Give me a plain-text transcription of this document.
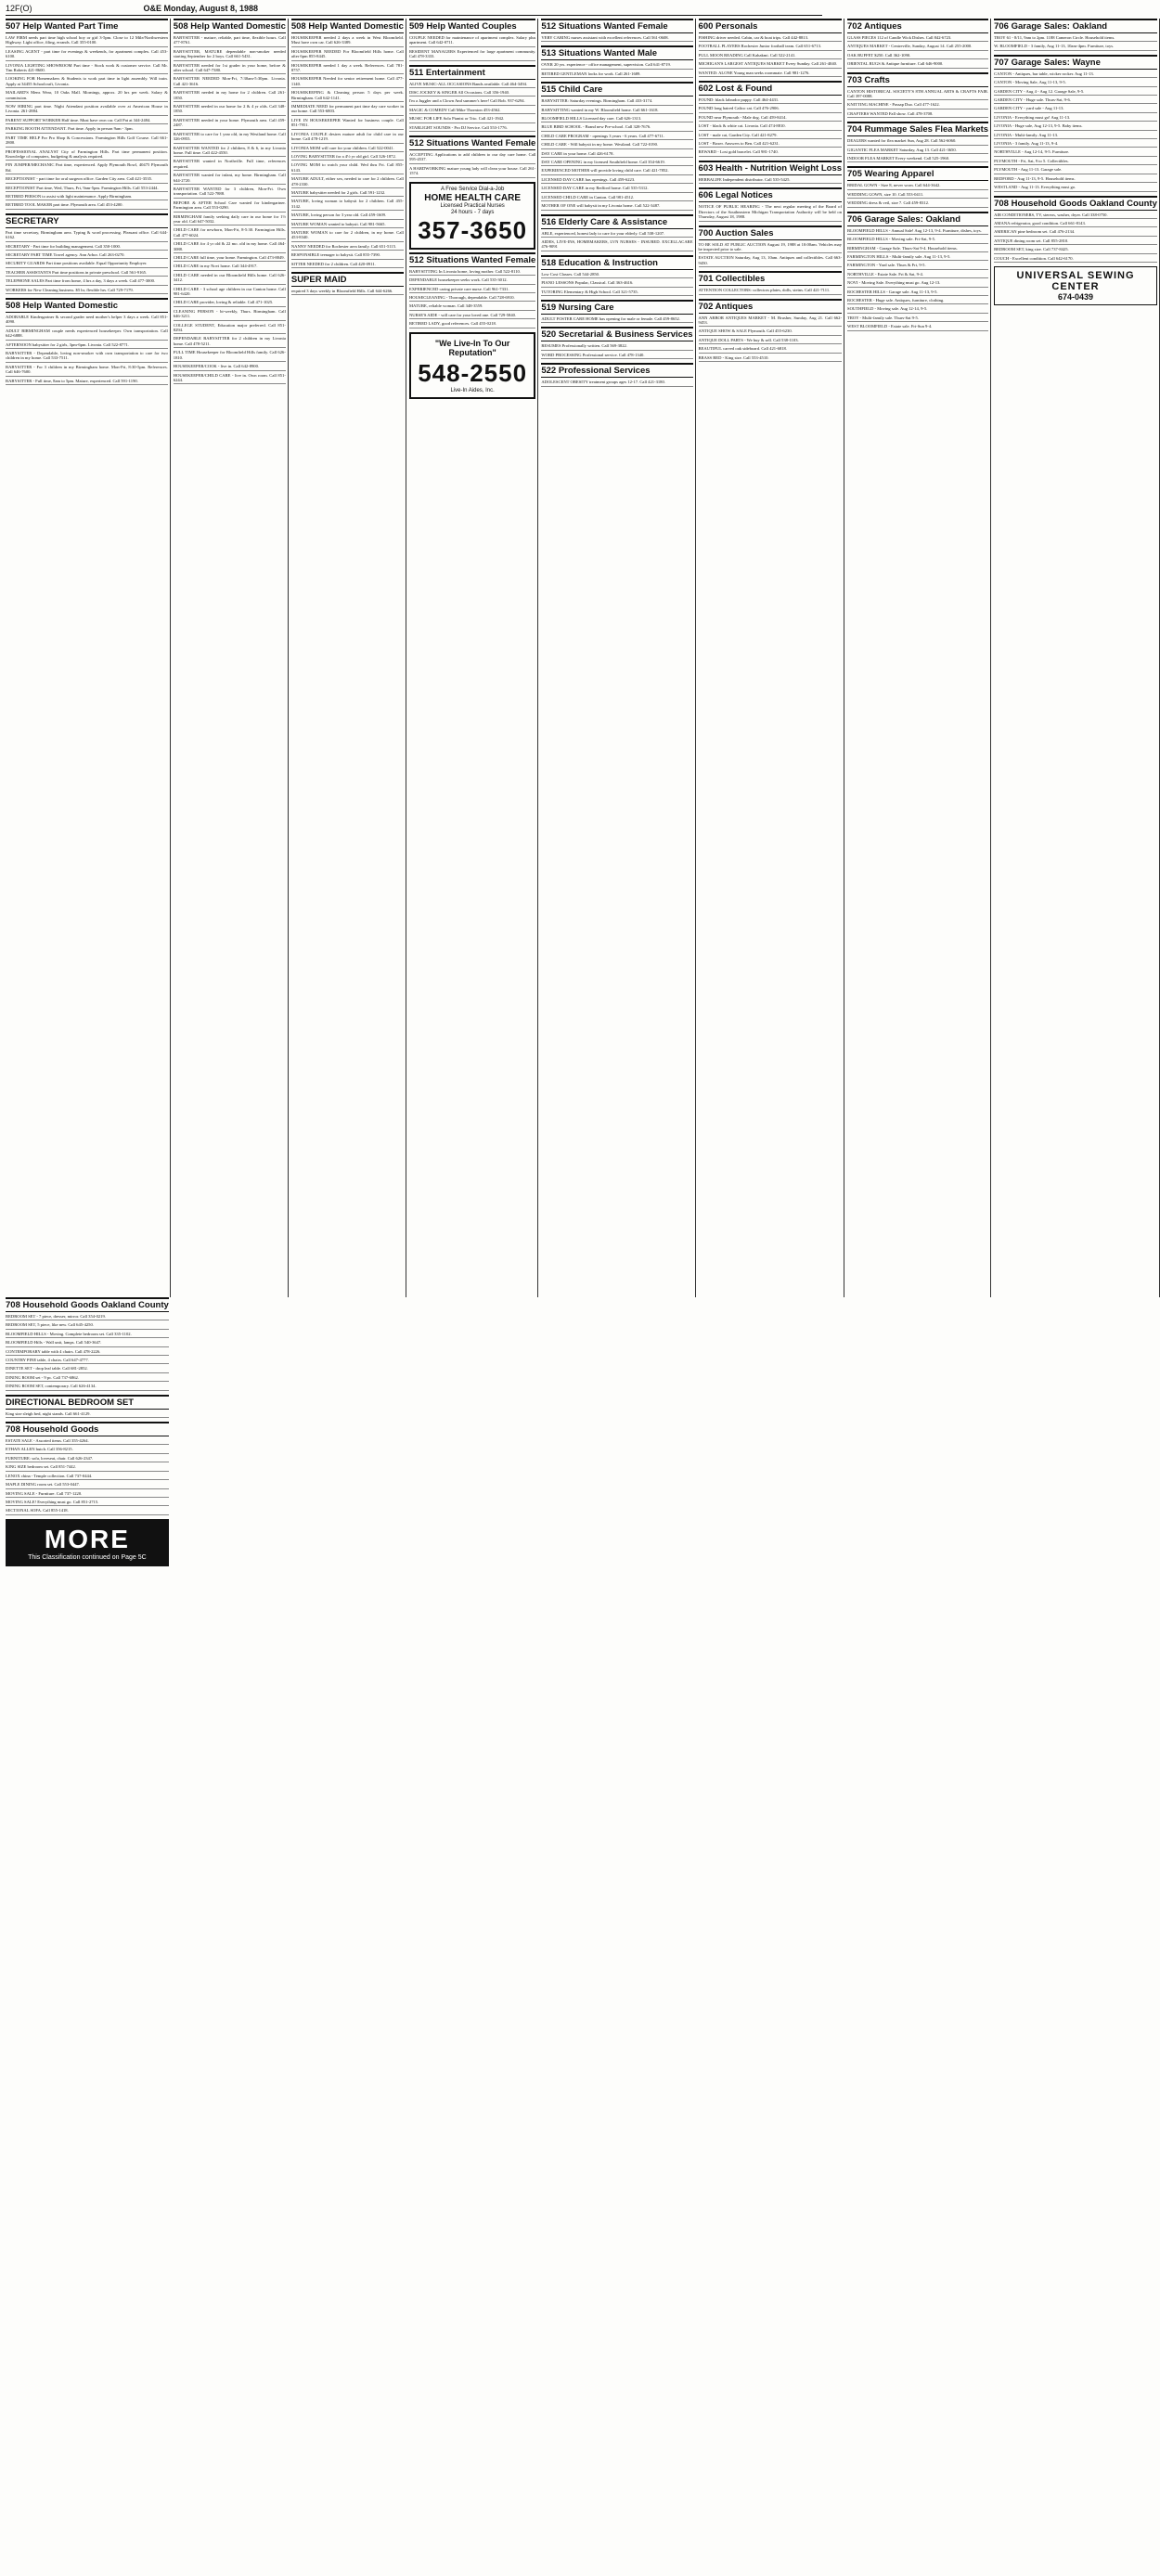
12F(O)	O&E Monday, August 8, 1988
507 Help Wanted Part Time

LAW FIRM needs part time high school boy or girl 3-5pm. Close to 12 Mile/Northwestern Highway. Light office, filing, errands. Call 355-0100.

LEASING AGENT - part time for evenings & weekends, for apartment complex. Call 453-6100.

LIVONIA LIGHTING SHOWROOM Part time - Stock work & customer service. Call Mr. Tim Roberts 421-8600.

LOOKING FOR Homemakers & Students to work part time in light assembly. Will train. Apply at 34455 Schoolcraft, Livonia.

MAILARD'S Mens Wear, 10 Oaks Mall. Mornings, approx. 20 hrs per week. Salary & commission.

NOW HIRING part time. Night Attendant position available over at American House in Livonia. 261-2884.

PARENT SUPPORT WORKER Half time. Must have own car. Call Pat at 344-2484.

PARKING BOOTH ATTENDANT. Part time. Apply in person 9am - 3pm.

PART TIME HELP For Pro Shop & Concessions. Farmington Hills Golf Course. Call 661-2800.

PROFESSIONAL ANALYST City of Farmington Hills. Part time permanent position. Knowledge of computers, budgeting & analysis required.

PIN JUMPER/MECHANIC Part time, experienced. Apply Plymouth Bowl, 40475 Plymouth Rd.

RECEPTIONIST - part time for oral surgeon office. Garden City area. Call 421-3535.

RECEPTIONIST Part time, Wed, Thurs, Fri, 9am-5pm. Farmington Hills. Call 553-2444.

RETIRED PERSON to assist with light maintenance. Apply Birmingham.

RETIRED TOOL MAKER part time. Plymouth area. Call 453-4200.

SECRETARY

Part time secretary, Birmingham area. Typing & word processing. Pleasant office. Call 644-6162.

SECRETARY - Part time for building management. Call 350-1000.

SECRETARY PART TIME Travel agency. Ann Arbor. Call 263-0270.

SECURITY GUARDS Part time positions available. Equal Opportunity Employer.

TEACHER ASSISTANTS Part time positions in private preschool. Call 561-9165.

TELEPHONE SALES Part time from home, 4 hrs a day, 3 days a week. Call 477-3000.

WORKERS for New Cleaning business. $5 hr, flexible hrs. Call 729-7179.

508 Help Wanted Domestic

ADORABLE Kindergartner & second grader need mother's helper 3 days a week. Call 851-4090.

ADULT BIRMINGHAM couple needs experienced housekeeper. Own transportation. Call 642-6888.

AFTERNOON babysitter for 2 girls, 3pm-6pm. Livonia. Call 522-8771.

BABYSITTER - Dependable, loving non-smoker with own transportation to care for two children in my home. Call 533-7511.

BABYSITTER - For 3 children in my Birmingham home. Mon-Fri, 8:30-5pm. References. Call 646-7600.

BABYSITTER - Full time, 8am to 5pm. Mature, experienced. Call 591-1190.

508 Help Wanted Domestic

BABYSITTER - mature, reliable, part time, flexible hours. Call 477-8761.

BABYSITTER, MATURE dependable non-smoker needed starting September for 2 boys. Call 661-5431.

BABYSITTER needed for 1st grader in your home, before & after school. Call 647-7380.

BABYSITTER NEEDED Mon-Fri, 7:30am-5:30pm. Livonia. Call 421-3616.

BABYSITTER needed in my home for 2 children. Call 261-1850.

BABYSITTER needed in our home for 2 & 4 yr olds. Call 348-1850.

BABYSITTER needed in your home. Plymouth area. Call 459-2487.

BABYSITTER to care for 1 year old, in my Westland home. Call 326-0955.

BABYSITTER WANTED for 2 children, 8 & 6, in my Livonia home. Full time. Call 422-4550.

BABYSITTER wanted in Northville. Full time, references required.

BABYSITTER wanted for infant, my home. Birmingham. Call 644-2720.

BABYSITTER WANTED for 3 children, Mon-Fri. Own transportation. Call 522-7888.

BEFORE & AFTER School Care wanted for kindergartner. Farmington area. Call 553-0290.

BIRMINGHAM family seeking daily care in our home for 1½ year old. Call 647-5032.

CHILD CARE for newborn, Mon-Fri, 8-5:30. Farmington Hills. Call 477-6024.

CHILD CARE for 4 yr old & 22 mo. old in my home. Call 464-3088.

CHILD CARE full time, your home. Farmington. Call 473-8849.

CHILD CARE in my Novi home. Call 344-4917.

CHILD CARE needed in our Bloomfield Hills home. Call 626-3412.

CHILD CARE - 3 school age children in our Canton home. Call 981-6420.

CHILD CARE provider, loving & reliable. Call 471-1025.

CLEANING PERSON - bi-weekly, Thurs. Birmingham. Call 646-3211.

COLLEGE STUDENT, Education major preferred. Call 851-8294.

DEPENDABLE BABYSITTER for 2 children in my Livonia home. Call 478-5211.

FULL TIME Housekeeper for Bloomfield Hills family. Call 626-1810.

HOUSEKEEPER/COOK - live in. Call 642-8900.

HOUSEKEEPER/CHILD CARE - live in. Own room. Call 851-6244.

508 Help Wanted Domestic

HOUSEKEEPER needed 2 days a week in West Bloomfield. Must have own car. Call 626-3389.

HOUSEKEEPER NEEDED For Bloomfield Hills home. Call after 6pm 855-8445.

HOUSEKEEPER needed 1 day a week. References. Call 781-8757.

HOUSEKEEPER Needed for senior retirement home. Call 477-1140.

HOUSEKEEPING & Cleaning person 5 days per week. Birmingham. Call 642-1141.

IMMEDIATE NEED for permanent part time day care worker in our home. Call 553-6803.

LIVE IN HOUSEKEEPER Wanted for business couple. Call 851-7951.

LIVONIA COUPLE desires mature adult for child care in our home. Call 478-1219.

LIVONIA MOM will care for your children. Call 522-0041.

LOVING BABYSITTER for a 4½ yr old girl. Call 326-1872.

LOVING MOM to watch your child. Wed thru Fri. Call 855-6143.

MATURE ADULT, either sex, needed to care for 2 children. Call 478-2330.

MATURE babysitter needed for 2 girls. Call 591-1232.

MATURE, loving woman to babysit for 2 children. Call 455-3142.

MATURE, loving person for 3 year old. Call 459-1609.

MATURE WOMAN wanted to babysit. Call 981-5665.

MATURE WOMAN to care for 2 children, in my home. Call 453-8340.

NANNY NEEDED for Rochester area family. Call 651-5115.

RESPONSIBLE teenager to babysit. Call 855-7390.

SITTER NEEDED for 2 children. Call 420-0911.

SUPER MAID

required 3 days weekly in Bloomfield Hills. Call 644-6266.

509 Help Wanted Couples

COUPLE NEEDED for maintenance of apartment complex. Salary plus apartment. Call 642-0711.

RESIDENT MANAGERS Experienced for large apartment community. Call 478-3333.

511 Entertainment

ALIVE MUSIC-ALL OCCASIONS Bands available. Call 464-3494.

DISC JOCKEY & SINGER All Occasions. Call 356-1940.

I'm a Juggler and a Clown And summer's here! Call Bob. 937-6294.

MAGIC & COMEDY Call Mike Thornton 453-4562.

MUSIC FOR LIFE Solo Pianist or Trio. Call 421-1942.

STARLIGHT SOUNDS - Pro DJ Service. Call 553-1776.

512 Situations Wanted Female

ACCEPTING Applications to add children to our day care home. Call 595-4537.

A HARDWORKING mature young lady will clean your house. Call 261-1574.

A Free Service Dial-a-Job
HOME HEALTH CARE
Licensed Practical Nurses
24 hours - 7 days
357-3650
512 Situations Wanted Female

BABYSITTING In Livonia home, loving mother. Call 522-8110.

DEPENDABLE housekeeper seeks work. Call 535-3012.

EXPERIENCED caring private care nurse. Call 961-7331.

HOUSECLEANING - Thorough, dependable. Call 728-6910.

MATURE, reliable woman. Call 348-3559.

NURSE'S AIDE - will care for your loved one. Call 729-5840.

RETIRED LADY, good references. Call 455-0218.

"We Live-In To Our Reputation"
548-2550
Live-In Aides, Inc.
512 Situations Wanted Female

VERY CARING nurses assistant with excellent references. Call 561-0608.

513 Situations Wanted Male

OVER 20 yrs. experience - office management, supervision. Call 641-8719.

RETIRED GENTLEMAN looks for work. Call 261-1689.

515 Child Care

BABYSITTER: Saturday evenings. Birmingham. Call 433-3174.

BABYSITTING wanted in my W. Bloomfield home. Call 661-1618.

BLOOMFIELD HILLS Licensed day care. Call 626-1313.

BLUE BIRD SCHOOL - Brand new Pre-school. Call 328-7676.

CHILD CARE PROGRAM - openings 3 years - 6 years. Call 477-6711.

CHILD CARE - Will babysit in my home. Westland. Call 722-0190.

DAY CARE in your home. Call 426-6178.

DAY CARE OPENING in my licensed Southfield home. Call 354-6619.

EXPERIENCED MOTHER will provide loving child care. Call 421-7852.

LICENSED DAY CARE has openings. Call 459-6223.

LICENSED DAY CARE in my Redford home. Call 535-5312.

LICENSED CHILD CARE in Canton. Call 981-4512.

MOTHER OF ONE will babysit in my Livonia home. Call 522-3487.

516 Elderly Care & Assistance

ABLE, experienced, honest lady to care for your elderly. Call 538-1207.

AIDES, LIVE-INS, HOMEMAKERS, LVN NURSES - INSURED. EXCELLACARE 476-9091

518 Education & Instruction

Low Cost Classes. Call 544-2850.

PIANO LESSONS Popular, Classical. Call 363-4616.

TUTORING Elementary & High School. Call 321-5735.

519 Nursing Care

ADULT FOSTER CARE HOME has opening for male or female. Call 459-8652.

520 Secretarial & Business Services

RESUMES Professionally written. Call 569-3822.

WORD PROCESSING Professional service. Call 478-1340.

522 Professional Services

ADOLESCENT OBESITY treatment groups ages 12-17. Call 421-3180.

600 Personals

FISHING driver needed. Cabin, car & boat trips. Call 442-8813.

FOOTBALL PLAYERS Rochester Junior football team. Call 651-6713.

FULL MOON READING Call Kahakmi. Call 522-2141.

MICHIGAN'S LARGEST ANTIQUES MARKET Every Sunday. Call 261-4040.

WANTED: ALONE Young man seeks roommate. Call 981-1276.

602 Lost & Found

FOUND: black labrador puppy. Call 464-4431.

FOUND long haired Calico cat. Call 476-2906.

FOUND near Plymouth - Male dog. Call 459-8414.

LOST - black & white cat. Livonia. Call 474-8810.

LOST - male cat, Garden City. Call 421-8279.

LOST - Boxer. Answers to Ben. Call 421-6231.

REWARD - Lost gold bracelet. Call 981-1740.

603 Health - Nutrition Weight Loss

HERBALIFE Independent distributor. Call 535-5425.

606 Legal Notices

NOTICE OF PUBLIC HEARING - The next regular meeting of the Board of Directors of the Southeastern Michigan Transportation Authority will be held on Thursday, August 18, 1988.

700 Auction Sales

TO BE SOLD AT PUBLIC AUCTION August 19, 1988 at 10:00am. Vehicles may be inspected prior to sale.

ESTATE AUCTION Saturday, Aug 13, 10am. Antiques and collectibles. Call 663-9450.

701 Collectibles

ATTENTION COLLECTORS: collectors plates, dolls, steins. Call 421-7111.

702 Antiques

ANN ARBOR ANTIQUES MARKET - M. Brusher, Sunday, Aug 21. Call 662-9453.

ANTIQUE SHOW & SALE Plymouth. Call 455-6230.

ANTIQUE DOLL PARTS - We buy & sell. Call 538-1103.

BEAUTIFUL carved oak sideboard. Call 421-6818.

BRASS BED - King size. Call 553-4510.

702 Antiques

GLASS PIECES 112 of Candle Wick Dishes. Call 842-6723.

ANTIQUES MARKET - Centreville, Sunday, August 14. Call 255-2000.

OAK BUFFET $250. Call 362-1090.

ORIENTAL RUGS & Antique furniture. Call 646-9000.

703 Crafts

CANTON HISTORICAL SOCIETY'S 8TH ANNUAL ARTS & CRAFTS FAIR. Call 397-0088.

KNITTING MACHINE - Passap Duo. Call 477-1622.

CRAFTERS WANTED Fall show. Call 478-3708.

704 Rummage Sales Flea Markets

DEALERS wanted for flea market Sun, Aug 28. Call 562-6060.

GIGANTIC FLEA MARKET Saturday, Aug 13. Call 421-3650.

INDOOR FLEA MARKET Every weekend. Call 525-1960.

705 Wearing Apparel

BRIDAL GOWN - Size 8, never worn. Call 644-3642.

WEDDING GOWN, size 10. Call 553-0411.

WEDDING dress & veil, size 7. Call 459-8312.

706 Garage Sales: Oakland

BLOOMFIELD HILLS - Annual Sale! Aug 12-13, 9-4. Furniture, dishes, toys.

BLOOMFIELD HILLS - Moving sale. Fri-Sat, 9-5.

BIRMINGHAM - Garage Sale. Thurs-Sat 9-4. Household items.

FARMINGTON HILLS - Multi-family sale. Aug 11-13, 9-5.

FARMINGTON - Yard sale. Thurs & Fri, 9-5.

NORTHVILLE - Estate Sale. Fri & Sat, 9-4.

NOVI - Moving Sale. Everything must go. Aug 12-13.

ROCHESTER HILLS - Garage sale. Aug 11-13, 9-5.

ROCHESTER - Huge sale. Antiques, furniture, clothing.

SOUTHFIELD - Moving sale. Aug 12-14, 9-5.

TROY - Multi-family sale. Thurs-Sat 9-5.

WEST BLOOMFIELD - Estate sale. Fri-Sun 9-4.

706 Garage Sales: Oakland

TROY 61 - 8/11, 9am to 2pm. 1188 Cameron Circle. Household items.

W. BLOOMFIELD - 3 family, Aug 11-13, 10am-4pm. Furniture, toys.

707 Garage Sales: Wayne

CANTON - Antiques, bar table, wicker rocker. Aug 11-13.

CANTON - Moving Sale, Aug 11-13, 9-5.

GARDEN CITY - Aug 4 - Aug 12. Garage Sale, 9-5.

GARDEN CITY - Huge sale. Thurs-Sat, 9-6.

GARDEN CITY - yard sale - Aug 11-13.

LIVONIA - Everything must go! Aug 11-13.

LIVONIA - Huge sale, Aug 12-13, 9-5. Baby items.

LIVONIA - Multi-family. Aug 11-13.

LIVONIA - 3 family. Aug 11-13, 9-4.

NORTHVILLE - Aug 12-14, 9-5. Furniture.

PLYMOUTH - Fri, Sat, 9 to 5. Collectibles.

PLYMOUTH - Aug 11-13. Garage sale.

REDFORD - Aug 11-13, 9-5. Household items.

WESTLAND - Aug 11-13. Everything must go.

708 Household Goods Oakland County

AIR CONDITIONERS, TV, stereos, washer, dryer. Call 338-0750.

AMANA refrigerator, good condition. Call 661-8143.

AMERICAN pine bedroom set. Call 476-2134.

ANTIQUE dining room set. Call 855-2810.

BEDROOM SET, king size. Call 737-8425.

COUCH - Excellent condition. Call 642-6170.

UNIVERSAL SEWING CENTER
674-0439
708 Household Goods Oakland County

BEDROOM SET - 7 piece, dresser, mirror. Call 354-0219.

BEDROOM SET, 5 piece, like new. Call 645-4250.

BLOOMFIELD HILLS - Moving. Complete bedroom set. Call 335-1102.

BLOOMFIELD Hills - Wall unit, lamps. Call 540-3647.

CONTEMPORARY table with 4 chairs. Call 478-2226.

COUNTRY PINE table, 4 chairs. Call 647-4777.

DINETTE SET - drop leaf table. Call 681-2852.

DINING ROOM set - 9 pc. Call 737-6862.

DINING ROOM SET, contemporary. Call 626-4134.

DIRECTIONAL BEDROOM SET

King size sleigh bed, night stands. Call 661-4129.

708 Household Goods

ESTATE SALE - Assorted items. Call 355-4264.

ETHAN ALLEN hutch. Call 356-8215.

FURNITURE: sofa, loveseat, chair. Call 626-2347.

KING SIZE bedroom set. Call 851-7442.

LENOX china - Temple collection. Call 737-0444.

MAPLE DINING room set. Call 553-0447.

MOVING SALE - Furniture. Call 737-1220.

MOVING SALE! Everything must go. Call 851-2715.

SECTIONAL SOFA. Call 855-1418.

MORE
This Classification continued on Page 5C
